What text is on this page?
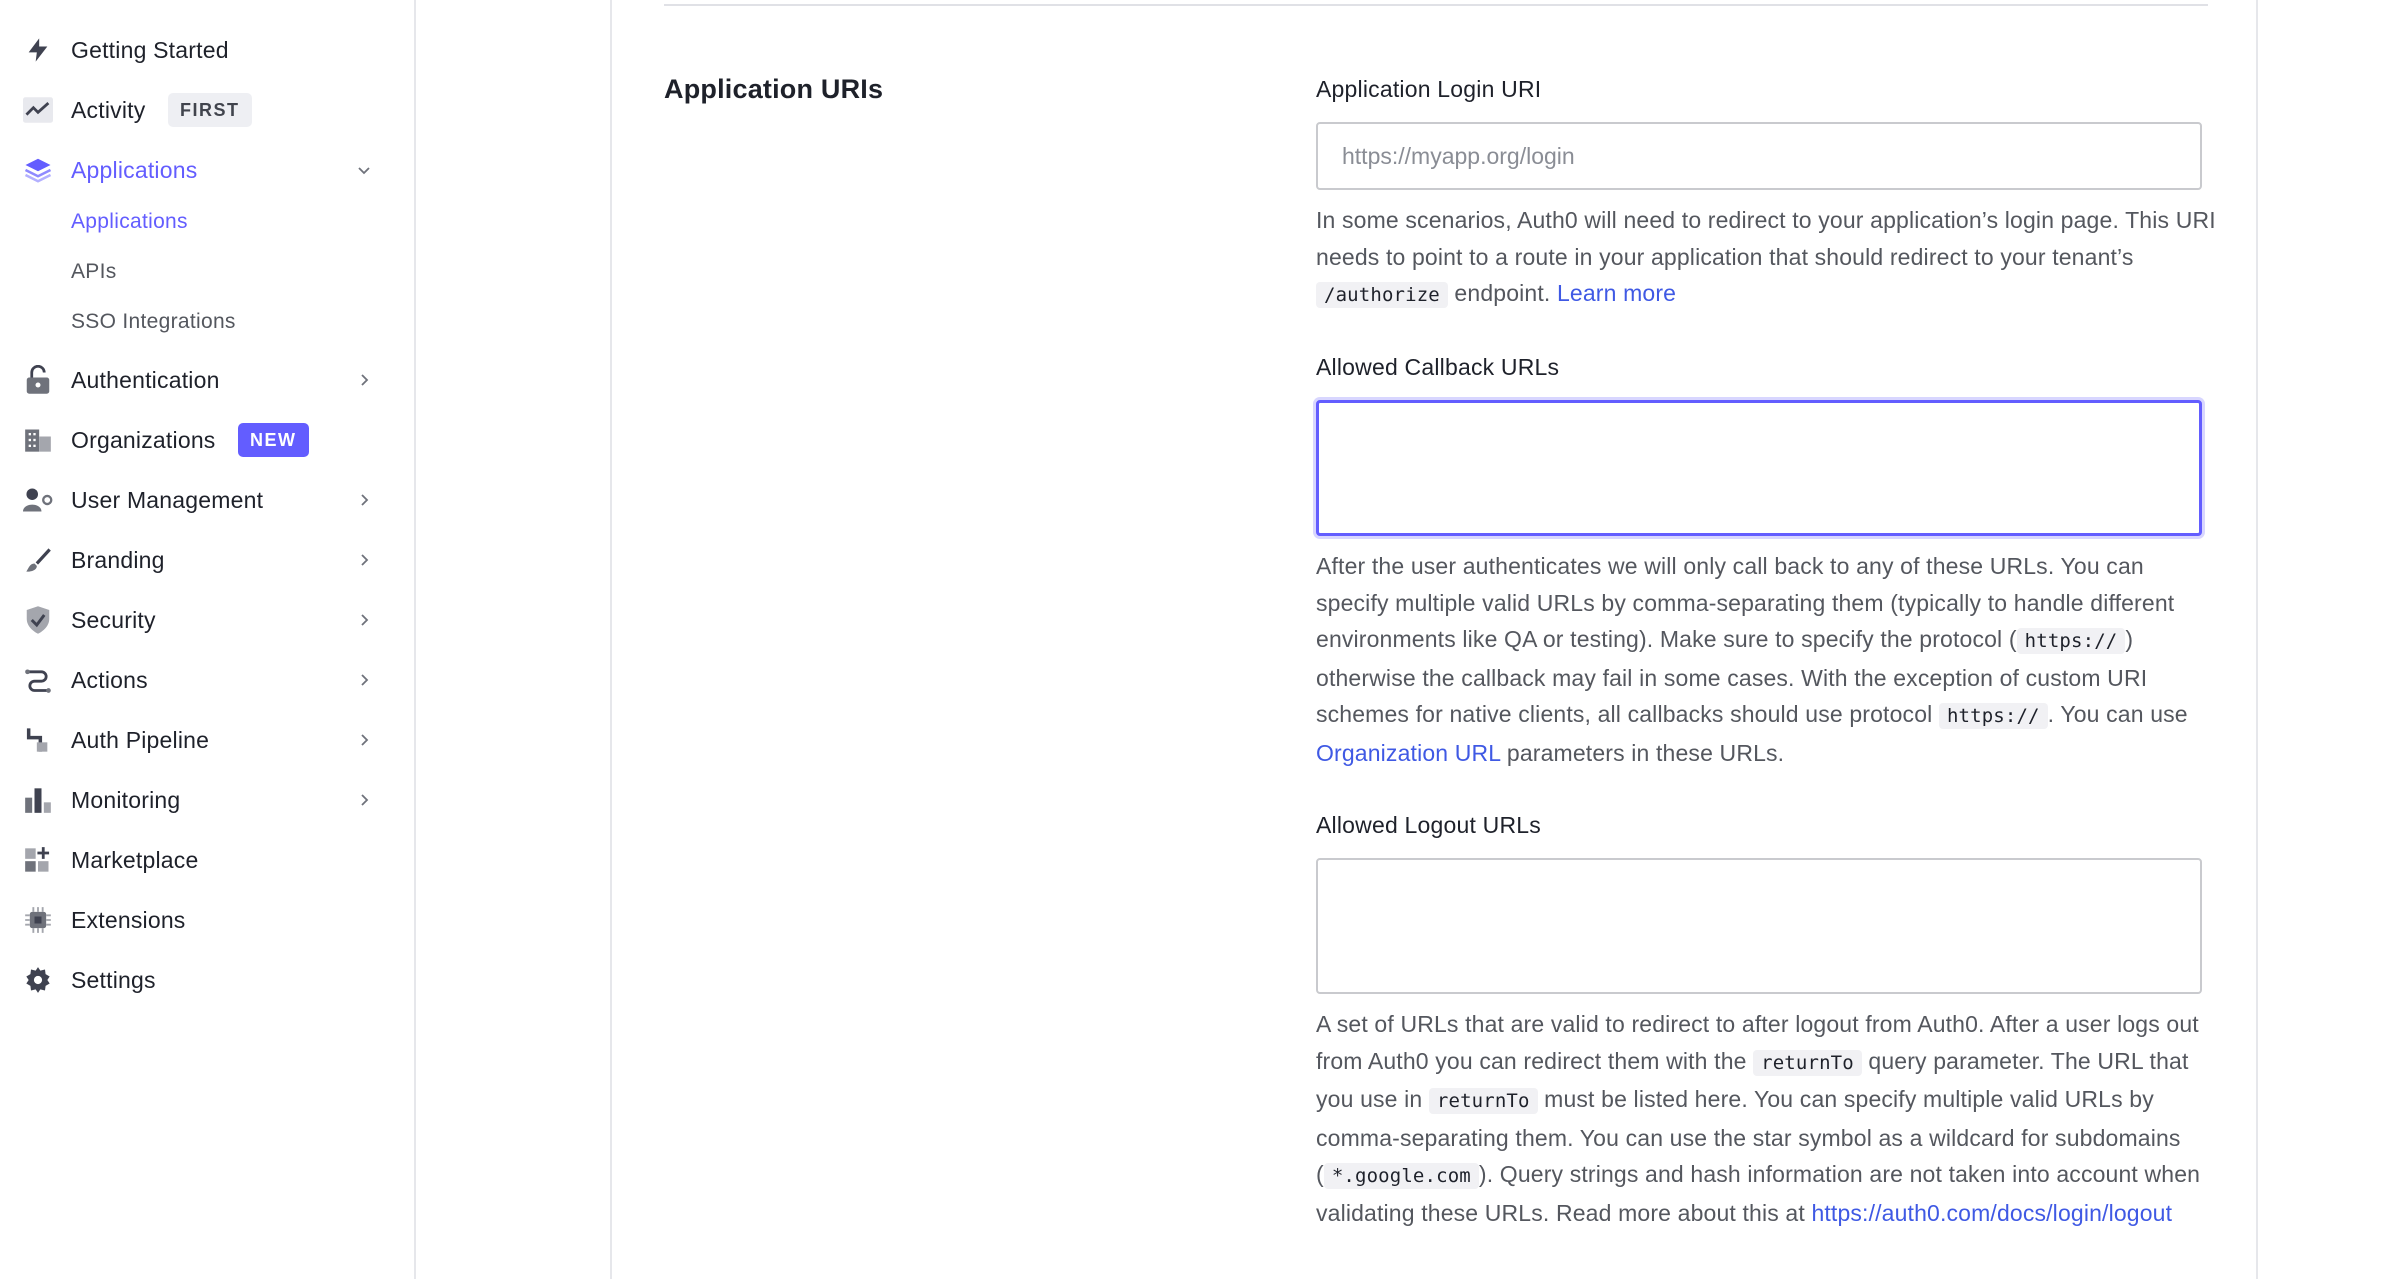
Getting Started
Activity	FIRST
Applications
Applications
APIs
SSO Integrations
Authentication
Organizations	NEW
User Management
Branding
Security
Actions
Auth Pipeline
Monitoring
Marketplace
Extensions
Settings
Application URIs	Application Login URI
https://myapp.org/login

In some scenarios, Auth0 will need to redirect to your application’s login page. This URI needs to point to a route in your application that should redirect to your tenant’s /authorize endpoint. Learn more

Allowed Callback URLs

After the user authenticates we will only call back to any of these URLs. You can specify multiple valid URLs by comma-separating them (typically to handle different environments like QA or testing). Make sure to specify the protocol ( https:// ) otherwise the callback may fail in some cases. With the exception of custom URI schemes for native clients, all callbacks should use protocol https:// . You can use Organization URL parameters in these URLs.

Allowed Logout URLs

A set of URLs that are valid to redirect to after logout from Auth0. After a user logs out from Auth0 you can redirect them with the returnTo query parameter. The URL that you use in returnTo must be listed here. You can specify multiple valid URLs by comma-separating them. You can use the star symbol as a wildcard for subdomains ( *.google.com ). Query strings and hash information are not taken into account when validating these URLs. Read more about this at https://auth0.com/docs/login/logout
